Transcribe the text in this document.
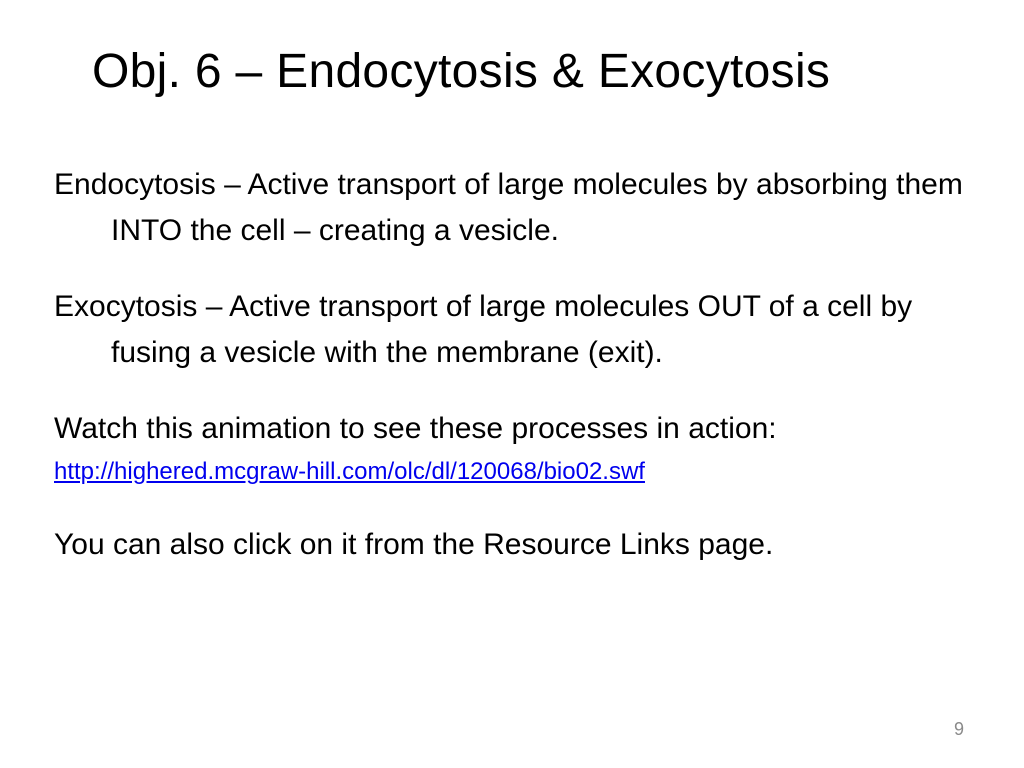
Obj. 6 – Endocytosis & Exocytosis

Endocytosis – Active transport of large molecules by absorbing them INTO the cell – creating a vesicle.

Exocytosis – Active transport of large molecules OUT of a cell by fusing a vesicle with the membrane (exit).

Watch this animation to see these processes in action:

http://highered.mcgraw-hill.com/olc/dl/120068/bio02.swf

You can also click on it from the Resource Links page.

9
